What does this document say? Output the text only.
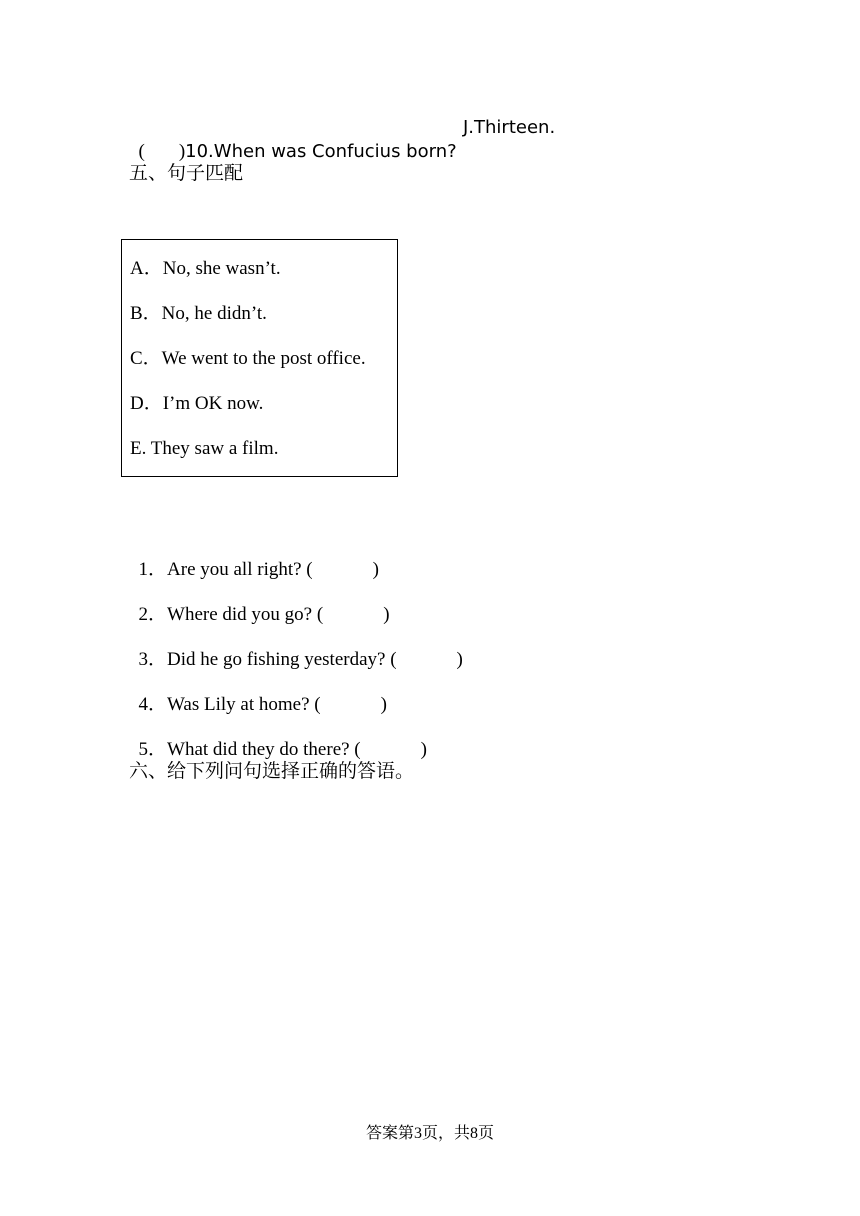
( )10.When was Confucius born?

J.Thirteen.
五、句子匹配
A．No, she wasn’t.
B．No, he didn’t.
C．We went to the post office.
D．I’m OK now.
E. They saw a film.

1．Are you all right? (	)

2．Where did you go? (	)

3．Did he go fishing yesterday? (	)

4．Was Lily at home? (	)

5．What did they do there? (	)

六、给下列问句选择正确的答语。
答案第3页，共8页
